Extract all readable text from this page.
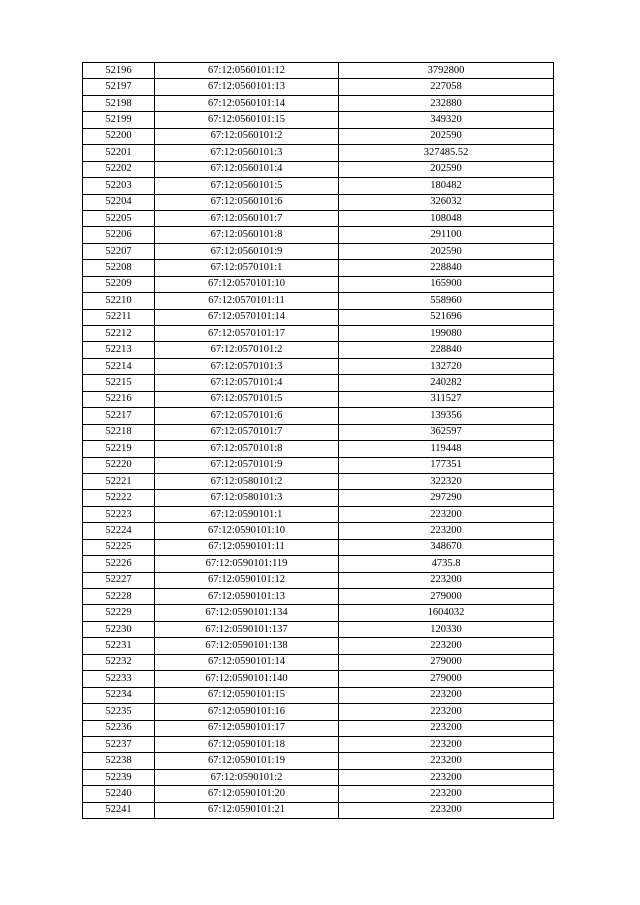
52196	67:12:0560101:12	3792800
52197	67:12:0560101:13	227058
52198	67:12:0560101:14	232880
52199	67:12:0560101:15	349320
52200	67:12:0560101:2	202590
52201	67:12:0560101:3	327485.52
52202	67:12:0560101:4	202590
52203	67:12:0560101:5	180482
52204	67:12:0560101:6	326032
52205	67:12:0560101:7	108048
52206	67:12:0560101:8	291100
52207	67:12:0560101:9	202590
52208	67:12:0570101:1	228840
52209	67:12:0570101:10	165900
52210	67:12:0570101:11	558960
52211	67:12:0570101:14	521696
52212	67:12:0570101:17	199080
52213	67:12:0570101:2	228840
52214	67:12:0570101:3	132720
52215	67:12:0570101:4	240282
52216	67:12:0570101:5	311527
52217	67:12:0570101:6	139356
52218	67:12:0570101:7	362597
52219	67:12:0570101:8	119448
52220	67:12:0570101:9	177351
52221	67:12:0580101:2	322320
52222	67:12:0580101:3	297290
52223	67:12:0590101:1	223200
52224	67:12:0590101:10	223200
52225	67:12:0590101:11	348670
52226	67:12:0590101:119	4735.8
52227	67:12:0590101:12	223200
52228	67:12:0590101:13	279000
52229	67:12:0590101:134	1604032
52230	67:12:0590101:137	120330
52231	67:12:0590101:138	223200
52232	67:12:0590101:14	279000
52233	67:12:0590101:140	279000
52234	67:12:0590101:15	223200
52235	67:12:0590101:16	223200
52236	67:12:0590101:17	223200
52237	67:12:0590101:18	223200
52238	67:12:0590101:19	223200
52239	67:12:0590101:2	223200
52240	67:12:0590101:20	223200
52241	67:12:0590101:21	223200
